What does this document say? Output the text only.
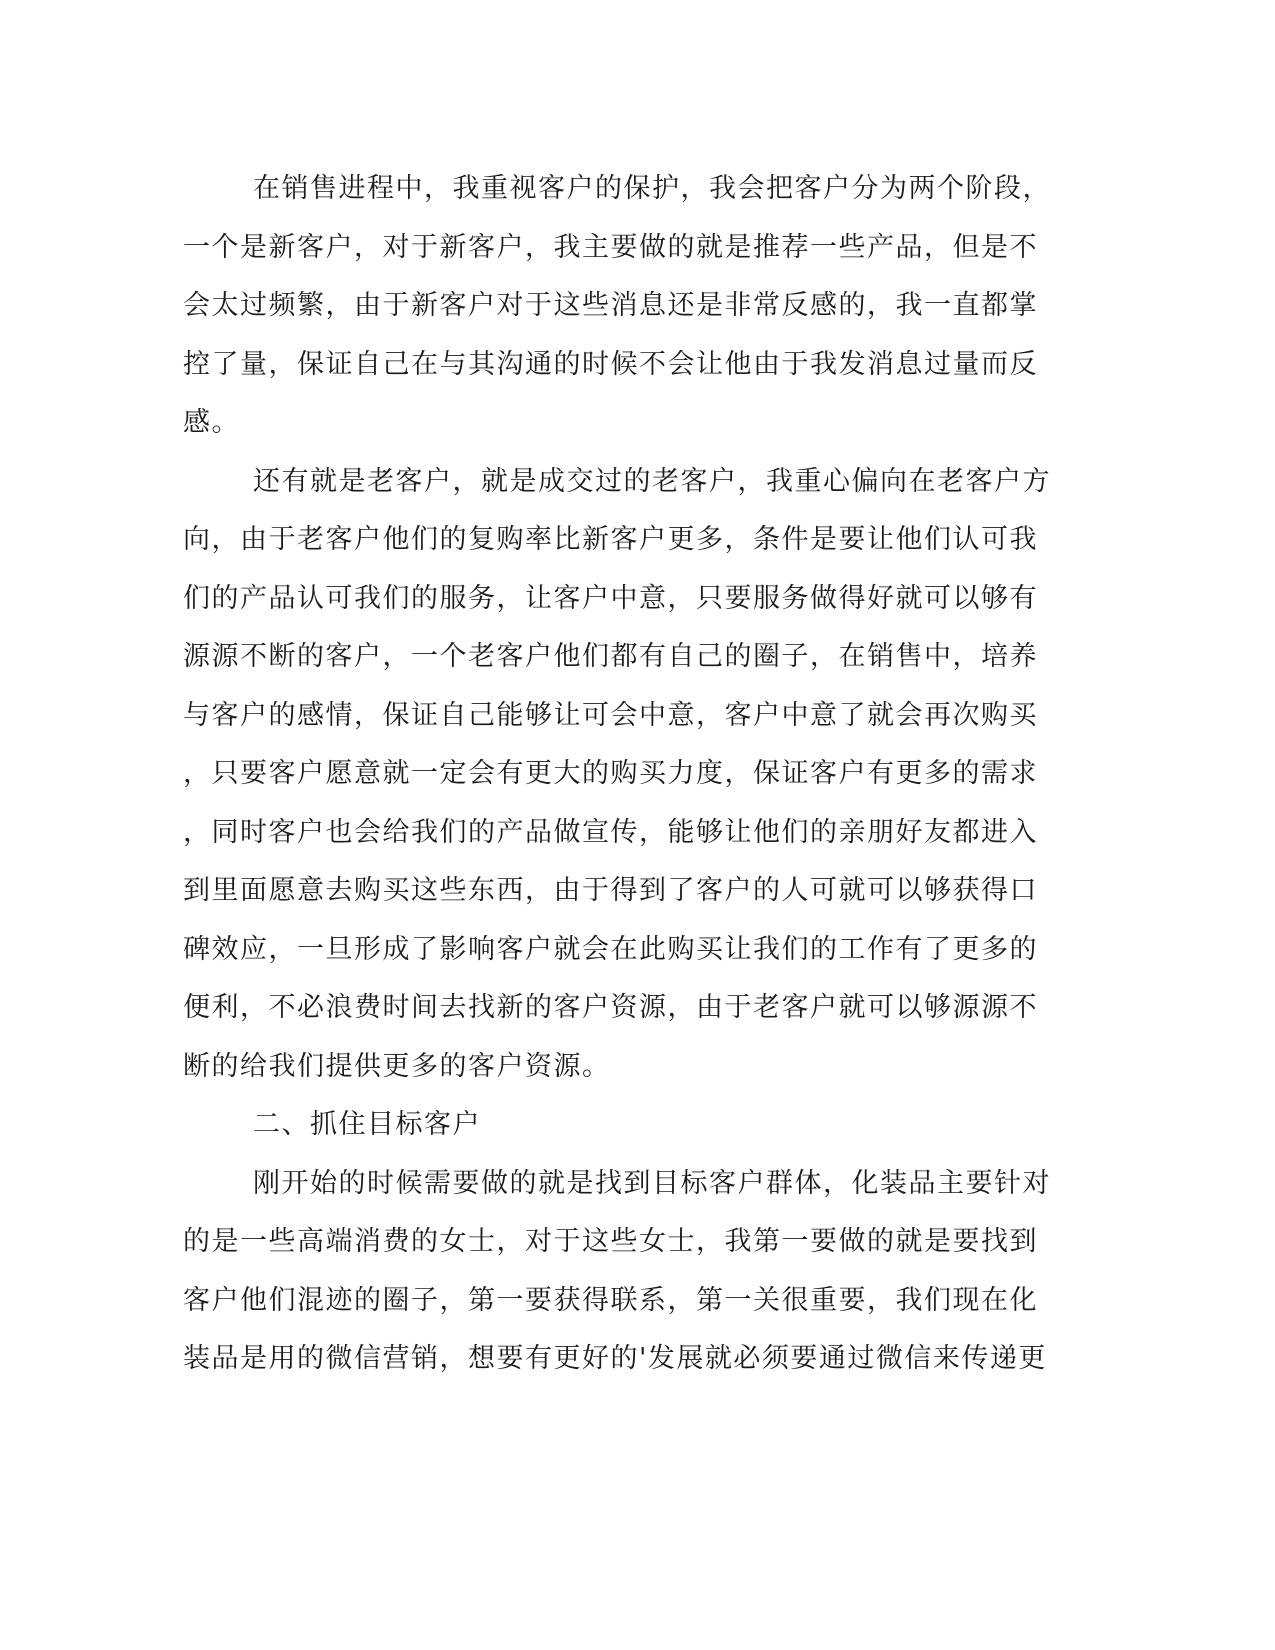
在销售进程中，我重视客户的保护，我会把客户分为两个阶段，
一个是新客户，对于新客户，我主要做的就是推荐一些产品，但是不
会太过频繁，由于新客户对于这些消息还是非常反感的，我一直都掌
控了量，保证自己在与其沟通的时候不会让他由于我发消息过量而反
感。
还有就是老客户，就是成交过的老客户，我重心偏向在老客户方
向，由于老客户他们的复购率比新客户更多，条件是要让他们认可我
们的产品认可我们的服务，让客户中意，只要服务做得好就可以够有
源源不断的客户，一个老客户他们都有自己的圈子，在销售中，培养
与客户的感情，保证自己能够让可会中意，客户中意了就会再次购买
，只要客户愿意就一定会有更大的购买力度，保证客户有更多的需求
，同时客户也会给我们的产品做宣传，能够让他们的亲朋好友都进入
到里面愿意去购买这些东西，由于得到了客户的人可就可以够获得口
碑效应，一旦形成了影响客户就会在此购买让我们的工作有了更多的
便利，不必浪费时间去找新的客户资源，由于老客户就可以够源源不
断的给我们提供更多的客户资源。
二、抓住目标客户
刚开始的时候需要做的就是找到目标客户群体，化装品主要针对
的是一些高端消费的女士，对于这些女士，我第一要做的就是要找到
客户他们混迹的圈子，第一要获得联系，第一关很重要，我们现在化
装品是用的微信营销，想要有更好的'发展就必须要通过微信来传递更
